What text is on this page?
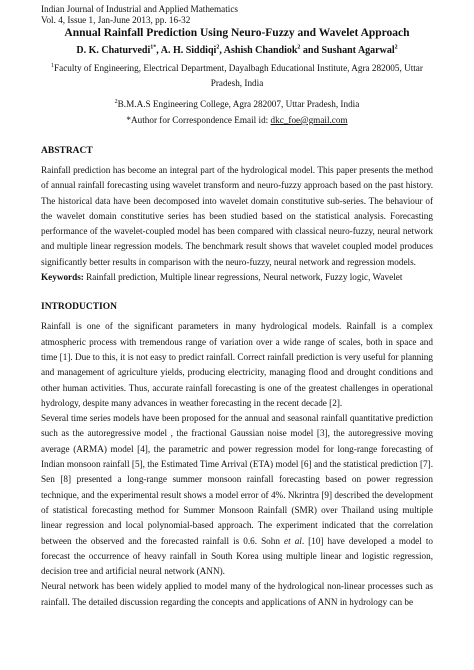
Indian Journal of Industrial and Applied Mathematics
Vol. 4, Issue 1, Jan-June 2013, pp. 16-32
Annual Rainfall Prediction Using Neuro-Fuzzy and Wavelet Approach
D. K. Chaturvedi$^{1*}$, A. H. Siddiqi$^2$, Ashish Chandiok$^2$ and Sushant Agarwal$^2$
$^1$Faculty of Engineering, Electrical Department, Dayalbagh Educational Institute, Agra 282005, Uttar Pradesh, India
$^2$B.M.A.S Engineering College, Agra 282007, Uttar Pradesh, India
*Author for Correspondence Email id: dkc_foe@gmail.com
ABSTRACT

Rainfall prediction has become an integral part of the hydrological model. This paper presents the method of annual rainfall forecasting using wavelet transform and neuro-fuzzy approach based on the past history. The historical data have been decomposed into wavelet domain constitutive sub-series. The behaviour of the wavelet domain constitutive series has been studied based on the statistical analysis. Forecasting performance of the wavelet-coupled model has been compared with classical neuro-fuzzy, neural network and multiple linear regression models. The benchmark result shows that wavelet coupled model produces significantly better results in comparison with the neuro-fuzzy, neural network and regression models.

Keywords: Rainfall prediction, Multiple linear regressions, Neural network, Fuzzy logic, Wavelet

INTRODUCTION

Rainfall is one of the significant parameters in many hydrological models. Rainfall is a complex atmospheric process with tremendous range of variation over a wide range of scales, both in space and time [1]. Due to this, it is not easy to predict rainfall. Correct rainfall prediction is very useful for planning and management of agriculture yields, producing electricity, managing flood and drought conditions and other human activities. Thus, accurate rainfall forecasting is one of the greatest challenges in operational hydrology, despite many advances in weather forecasting in the recent decade [2].

Several time series models have been proposed for the annual and seasonal rainfall quantitative prediction such as the autoregressive model , the fractional Gaussian noise model [3], the autoregressive moving average (ARMA) model [4], the parametric and power regression model for long-range forecasting of Indian monsoon rainfall [5], the Estimated Time Arrival (ETA) model [6] and the statistical prediction [7]. Sen [8] presented a long-range summer monsoon rainfall forecasting based on power regression technique, and the experimental result shows a model error of 4%. Nkrintra [9] described the development of statistical forecasting method for Summer Monsoon Rainfall (SMR) over Thailand using multiple linear regression and local polynomial-based approach. The experiment indicated that the correlation between the observed and the forecasted rainfall is 0.6. Sohn et al. [10] have developed a model to forecast the occurrence of heavy rainfall in South Korea using multiple linear and logistic regression, decision tree and artificial neural network (ANN).

Neural network has been widely applied to model many of the hydrological non-linear processes such as rainfall. The detailed discussion regarding the concepts and applications of ANN in hydrology can be
